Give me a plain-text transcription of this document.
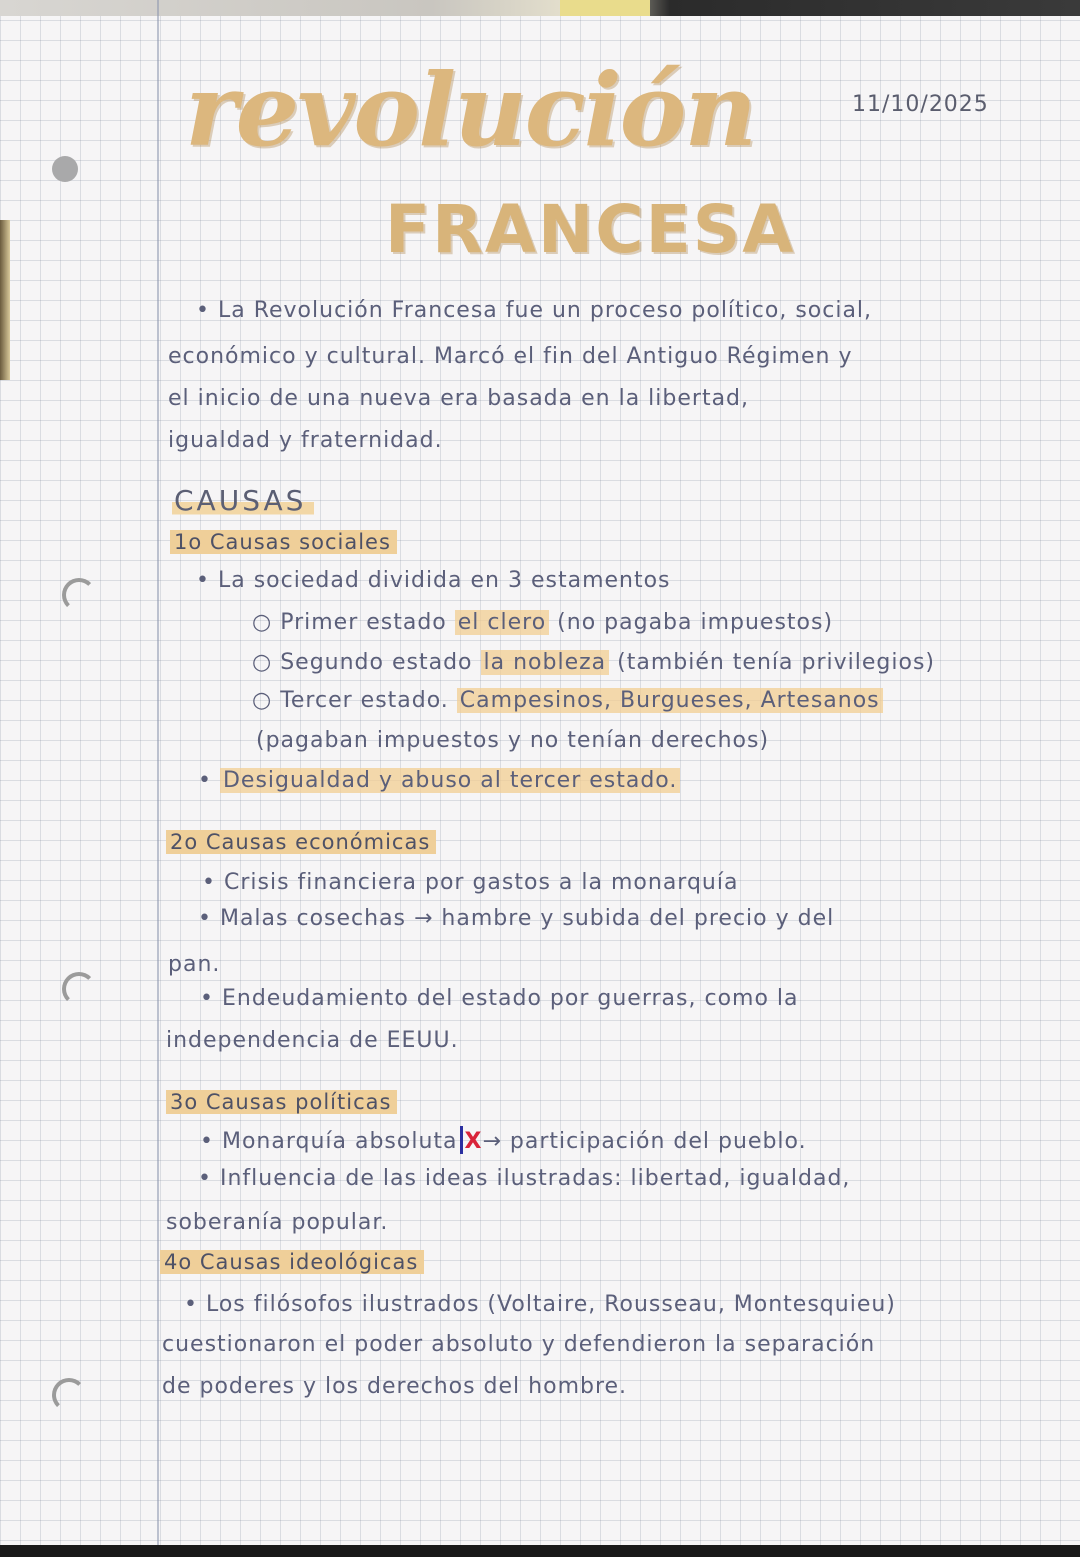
revolución
FRANCESA
11/10/2025
• La Revolución Francesa fue un proceso político, social,
económico y cultural. Marcó el fin del Antiguo Régimen y
el inicio de una nueva era basada en la libertad,
igualdad y fraternidad.
CAUSAS
1o Causas sociales
• La sociedad dividida en 3 estamentos
○ Primer estado el clero (no pagaba impuestos)
○ Segundo estado la nobleza (también tenía privilegios)
○ Tercer estado. Campesinos, Burgueses, Artesanos
(pagaban impuestos y no tenían derechos)
• Desigualdad y abuso al tercer estado.
2o Causas económicas
• Crisis financiera por gastos a la monarquía
• Malas cosechas → hambre y subida del precio y del
pan.
• Endeudamiento del estado por guerras, como la
independencia de EEUU.
3o Causas políticas
• Monarquía absoluta X→ participación del pueblo.
• Influencia de las ideas ilustradas: libertad, igualdad,
soberanía popular.
4o Causas ideológicas
• Los filósofos ilustrados (Voltaire, Rousseau, Montesquieu)
cuestionaron el poder absoluto y defendieron la separación
de poderes y los derechos del hombre.
